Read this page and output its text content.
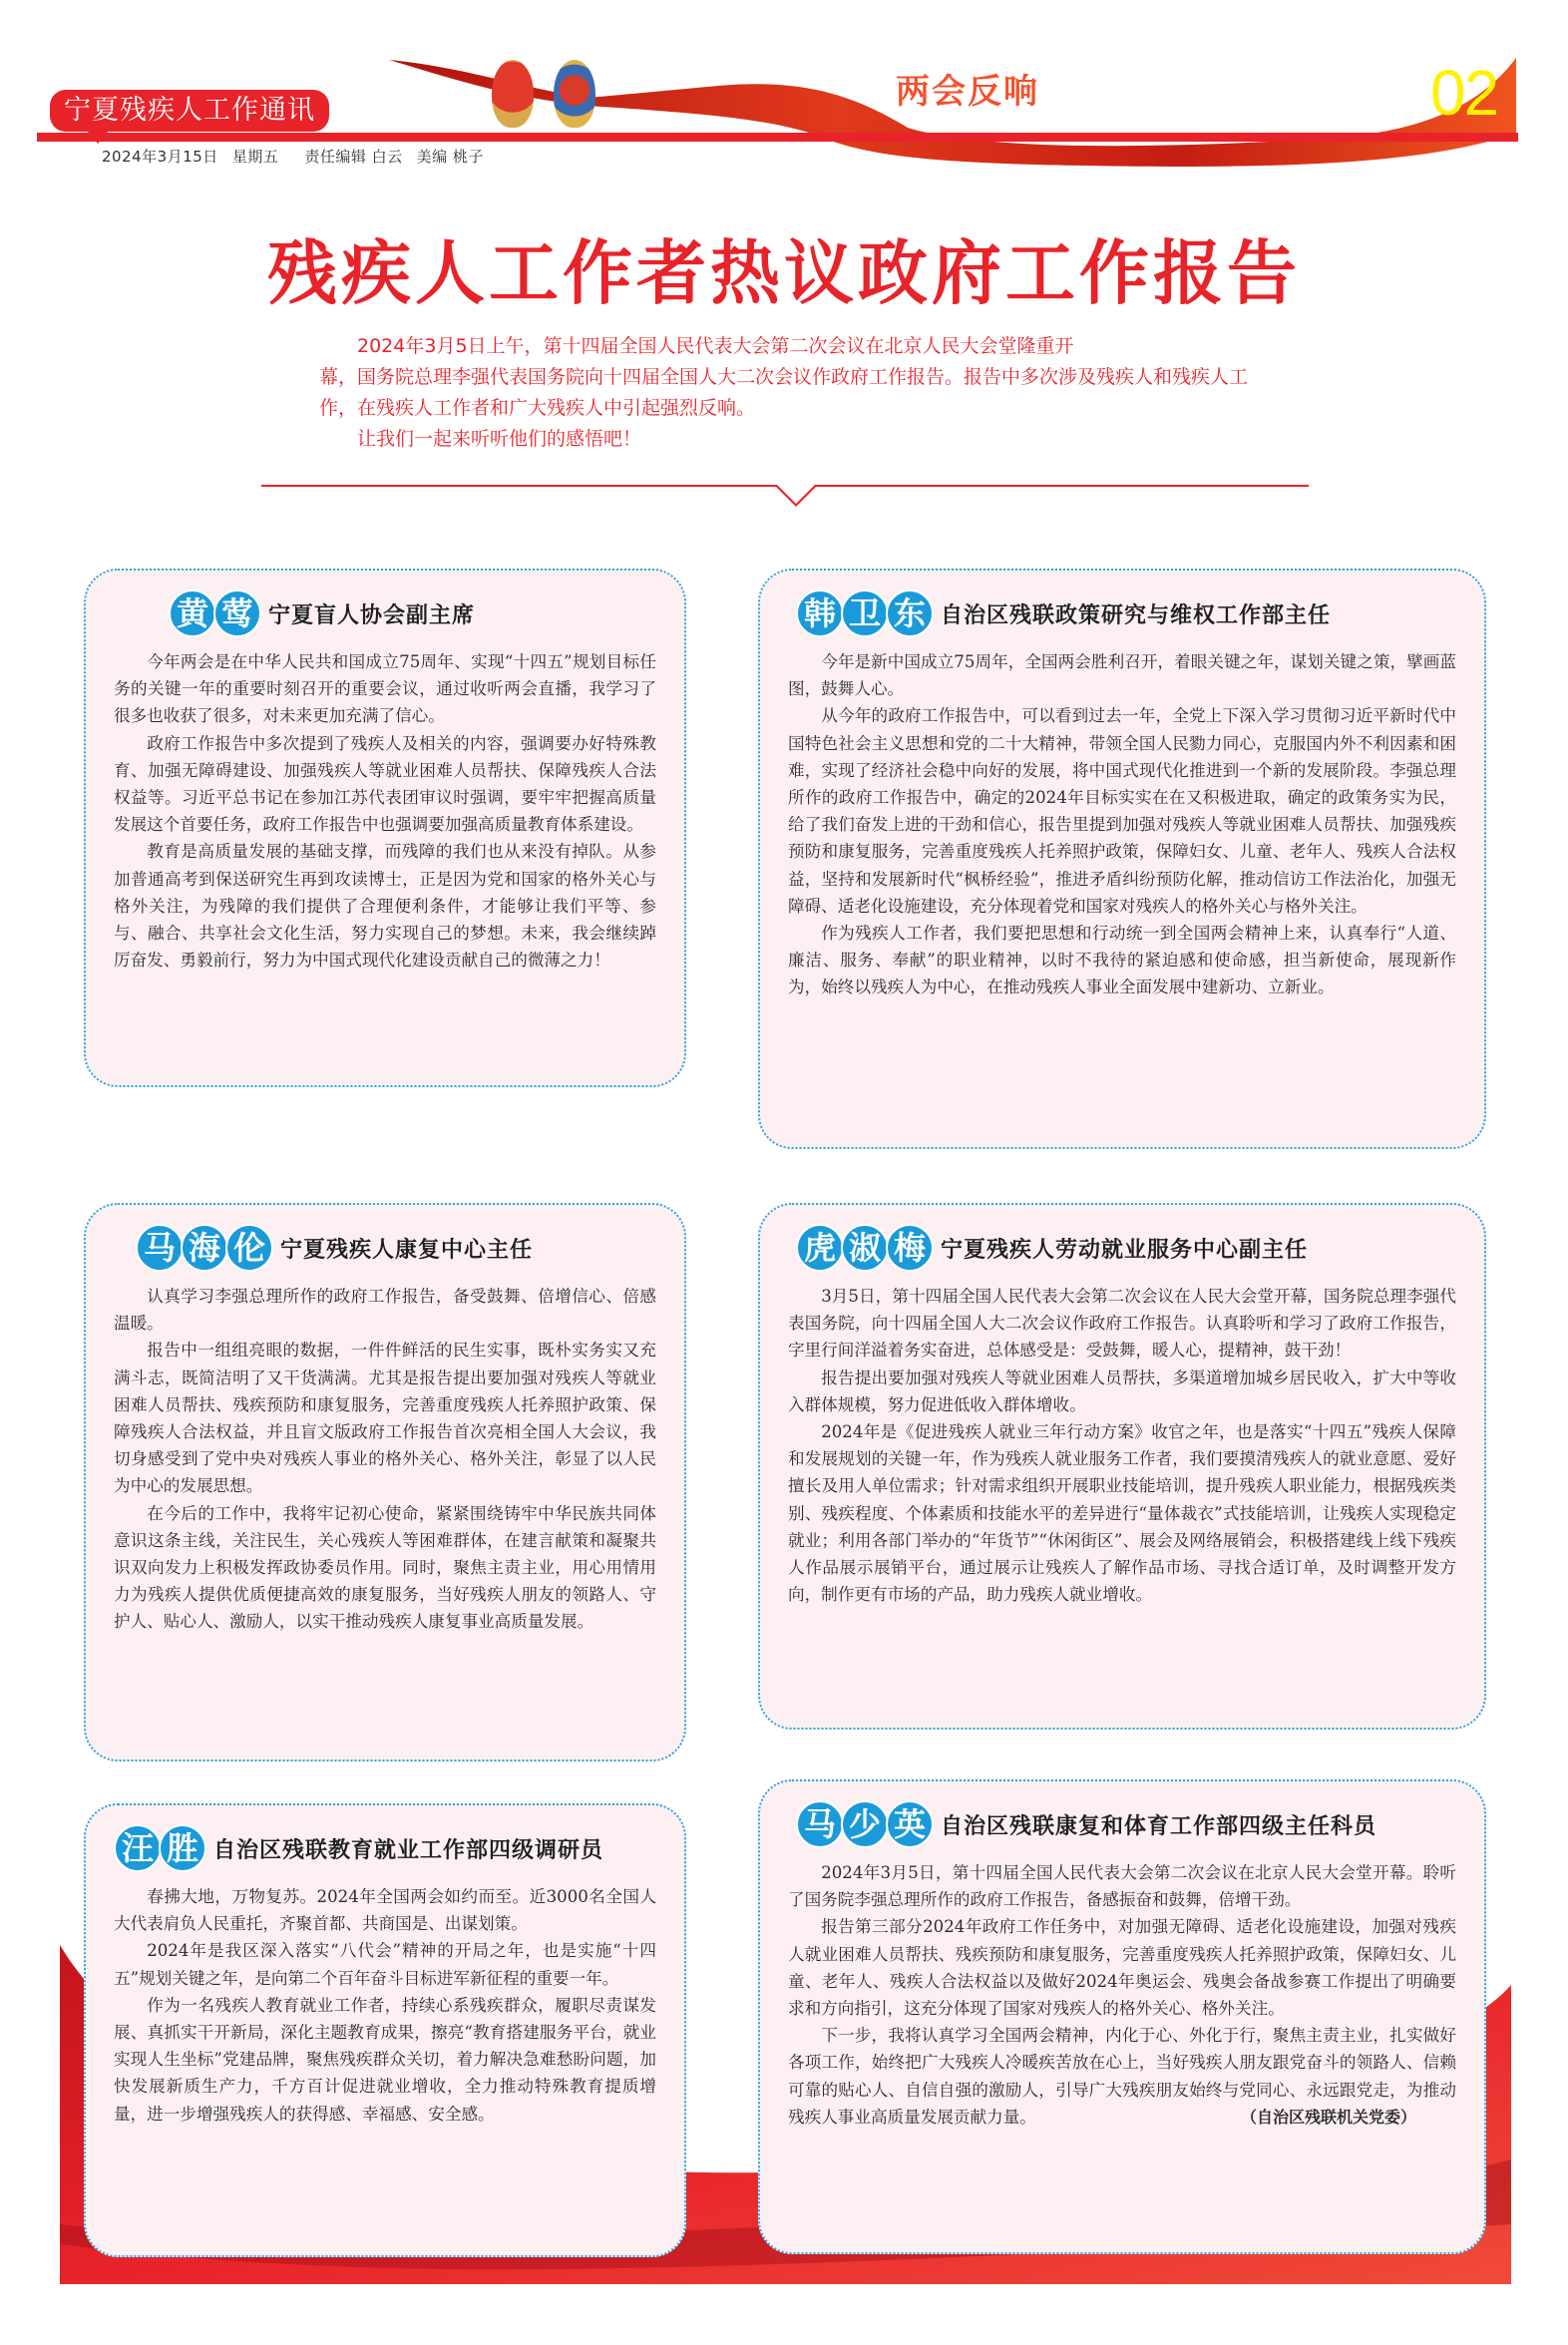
宁夏残疾人工作通讯	两会反响	02
2024年3月15日 星期五 责任编辑 白云 美编 桃子
残疾人工作者热议政府工作报告

2024年3月5日上午，第十四届全国人民代表大会第二次会议在北京人民大会堂隆重开

幕，国务院总理李强代表国务院向十四届全国人大二次会议作政府工作报告。报告中多次涉及残疾人和残疾人工作，在残疾人工作者和广大残疾人中引起强烈反响。

让我们一起来听听他们的感悟吧！

黄 莺 宁夏盲人协会副主席

今年两会是在中华人民共和国成立75周年、实现“十四五”规划目标任务的关键一年的重要时刻召开的重要会议，通过收听两会直播，我学习了很多也收获了很多，对未来更加充满了信心。

政府工作报告中多次提到了残疾人及相关的内容，强调要办好特殊教育、加强无障碍建设、加强残疾人等就业困难人员帮扶、保障残疾人合法权益等。习近平总书记在参加江苏代表团审议时强调，要牢牢把握高质量发展这个首要任务，政府工作报告中也强调要加强高质量教育体系建设。

教育是高质量发展的基础支撑，而残障的我们也从来没有掉队。从参加普通高考到保送研究生再到攻读博士，正是因为党和国家的格外关心与格外关注，为残障的我们提供了合理便利条件，才能够让我们平等、参与、融合、共享社会文化生活，努力实现自己的梦想。未来，我会继续踔厉奋发、勇毅前行，努力为中国式现代化建设贡献自己的微薄之力！

韩 卫 东 自治区残联政策研究与维权工作部主任

今年是新中国成立75周年，全国两会胜利召开，着眼关键之年，谋划关键之策，擘画蓝图，鼓舞人心。

从今年的政府工作报告中，可以看到过去一年，全党上下深入学习贯彻习近平新时代中国特色社会主义思想和党的二十大精神，带领全国人民勠力同心，克服国内外不利因素和困难，实现了经济社会稳中向好的发展，将中国式现代化推进到一个新的发展阶段。李强总理所作的政府工作报告中，确定的2024年目标实实在在又积极进取，确定的政策务实为民，给了我们奋发上进的干劲和信心，报告里提到加强对残疾人等就业困难人员帮扶、加强残疾预防和康复服务，完善重度残疾人托养照护政策，保障妇女、儿童、老年人、残疾人合法权益，坚持和发展新时代“枫桥经验”，推进矛盾纠纷预防化解，推动信访工作法治化，加强无障碍、适老化设施建设，充分体现着党和国家对残疾人的格外关心与格外关注。

作为残疾人工作者，我们要把思想和行动统一到全国两会精神上来，认真奉行“人道、廉洁、服务、奉献”的职业精神，以时不我待的紧迫感和使命感，担当新使命，展现新作为，始终以残疾人为中心，在推动残疾人事业全面发展中建新功、立新业。

马 海 伦 宁夏残疾人康复中心主任

认真学习李强总理所作的政府工作报告，备受鼓舞、倍增信心、倍感温暖。

报告中一组组亮眼的数据，一件件鲜活的民生实事，既朴实务实又充满斗志，既简洁明了又干货满满。尤其是报告提出要加强对残疾人等就业困难人员帮扶、残疾预防和康复服务，完善重度残疾人托养照护政策、保障残疾人合法权益，并且盲文版政府工作报告首次亮相全国人大会议，我切身感受到了党中央对残疾人事业的格外关心、格外关注，彰显了以人民为中心的发展思想。

在今后的工作中，我将牢记初心使命，紧紧围绕铸牢中华民族共同体意识这条主线，关注民生，关心残疾人等困难群体，在建言献策和凝聚共识双向发力上积极发挥政协委员作用。同时，聚焦主责主业，用心用情用力为残疾人提供优质便捷高效的康复服务，当好残疾人朋友的领路人、守护人、贴心人、激励人，以实干推动残疾人康复事业高质量发展。

虎 淑 梅 宁夏残疾人劳动就业服务中心副主任

3月5日，第十四届全国人民代表大会第二次会议在人民大会堂开幕，国务院总理李强代表国务院，向十四届全国人大二次会议作政府工作报告。认真聆听和学习了政府工作报告，字里行间洋溢着务实奋进，总体感受是：受鼓舞，暖人心，提精神，鼓干劲！

报告提出要加强对残疾人等就业困难人员帮扶，多渠道增加城乡居民收入，扩大中等收入群体规模，努力促进低收入群体增收。

2024年是《促进残疾人就业三年行动方案》收官之年，也是落实“十四五”残疾人保障和发展规划的关键一年，作为残疾人就业服务工作者，我们要摸清残疾人的就业意愿、爱好擅长及用人单位需求；针对需求组织开展职业技能培训，提升残疾人职业能力，根据残疾类别、残疾程度、个体素质和技能水平的差异进行“量体裁衣”式技能培训，让残疾人实现稳定就业；利用各部门举办的“年货节”“休闲街区”、展会及网络展销会，积极搭建线上线下残疾人作品展示展销平台，通过展示让残疾人了解作品市场、寻找合适订单，及时调整开发方向，制作更有市场的产品，助力残疾人就业增收。

汪 胜 自治区残联教育就业工作部四级调研员

春拂大地，万物复苏。2024年全国两会如约而至。近3000名全国人大代表肩负人民重托，齐聚首都、共商国是、出谋划策。

2024年是我区深入落实“八代会”精神的开局之年，也是实施“十四五”规划关键之年，是向第二个百年奋斗目标进军新征程的重要一年。

作为一名残疾人教育就业工作者，持续心系残疾群众，履职尽责谋发展、真抓实干开新局，深化主题教育成果，擦亮“教育搭建服务平台，就业实现人生坐标”党建品牌，聚焦残疾群众关切，着力解决急难愁盼问题，加快发展新质生产力，千方百计促进就业增收，全力推动特殊教育提质增量，进一步增强残疾人的获得感、幸福感、安全感。

马 少 英 自治区残联康复和体育工作部四级主任科员

2024年3月5日，第十四届全国人民代表大会第二次会议在北京人民大会堂开幕。聆听了国务院李强总理所作的政府工作报告，备感振奋和鼓舞，倍增干劲。

报告第三部分2024年政府工作任务中，对加强无障碍、适老化设施建设，加强对残疾人就业困难人员帮扶、残疾预防和康复服务，完善重度残疾人托养照护政策，保障妇女、儿童、老年人、残疾人合法权益以及做好2024年奥运会、残奥会备战参赛工作提出了明确要求和方向指引，这充分体现了国家对残疾人的格外关心、格外关注。

下一步，我将认真学习全国两会精神，内化于心、外化于行，聚焦主责主业，扎实做好各项工作，始终把广大残疾人冷暖疾苦放在心上，当好残疾人朋友跟党奋斗的领路人、信赖可靠的贴心人、自信自强的激励人，引导广大残疾朋友始终与党同心、永远跟党走，为推动残疾人事业高质量发展贡献力量。	（自治区残联机关党委）
